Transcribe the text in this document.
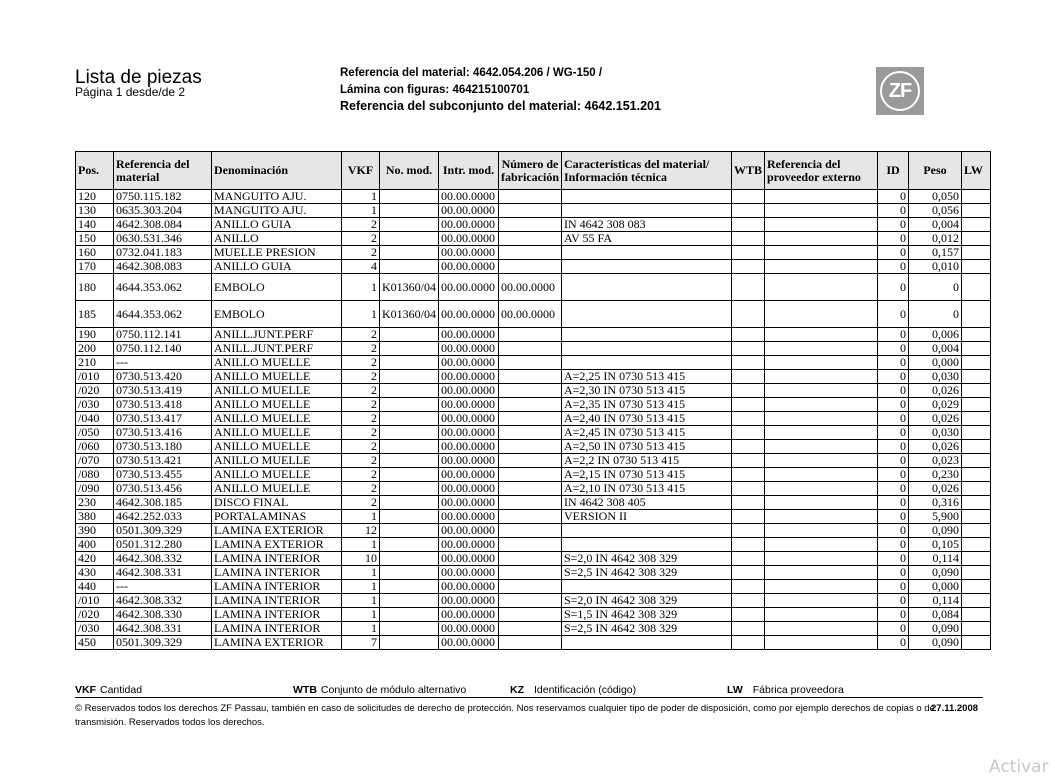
Lista de piezas
Página 1 desde/de 2
Referencia del material: 4642.054.206 / WG-150 /
Lámina con figuras: 464215100701
Referencia del subconjunto del material: 4642.151.201
ZF
Pos.	Referencia del material	Denominación	VKF	No. mod.	Intr. mod.	Número de fabricación	Características del material/ Información técnica	WTB	Referencia del proveedor externo	ID	Peso	LW
120	0750.115.182	MANGUITO AJU.	1		00.00.0000					0	0,050	
130	0635.303.204	MANGUITO AJU.	1		00.00.0000					0	0,056	
140	4642.308.084	ANILLO GUIA	2		00.00.0000		IN 4642 308 083			0	0,004	
150	0630.531.346	ANILLO	2		00.00.0000		AV 55 FA			0	0,012	
160	0732.041.183	MUELLE PRESION	2		00.00.0000					0	0,157	
170	4642.308.083	ANILLO GUIA	4		00.00.0000					0	0,010	
180	4644.353.062	EMBOLO	1	K01360/04	00.00.0000	00.00.0000				0	0	
185	4644.353.062	EMBOLO	1	K01360/04	00.00.0000	00.00.0000				0	0	
190	0750.112.141	ANILL.JUNT.PERF	2		00.00.0000					0	0,006	
200	0750.112.140	ANILL.JUNT.PERF	2		00.00.0000					0	0,004	
210	---	ANILLO MUELLE	2		00.00.0000					0	0,000	
/010	0730.513.420	ANILLO MUELLE	2		00.00.0000		A=2,25 IN 0730 513 415			0	0,030	
/020	0730.513.419	ANILLO MUELLE	2		00.00.0000		A=2,30 IN 0730 513 415			0	0,026	
/030	0730.513.418	ANILLO MUELLE	2		00.00.0000		A=2,35 IN 0730 513 415			0	0,029	
/040	0730.513.417	ANILLO MUELLE	2		00.00.0000		A=2,40 IN 0730 513 415			0	0,026	
/050	0730.513.416	ANILLO MUELLE	2		00.00.0000		A=2,45 IN 0730 513 415			0	0,030	
/060	0730.513.180	ANILLO MUELLE	2		00.00.0000		A=2,50 IN 0730 513 415			0	0,026	
/070	0730.513.421	ANILLO MUELLE	2		00.00.0000		A=2,2 IN 0730 513 415			0	0,023	
/080	0730.513.455	ANILLO MUELLE	2		00.00.0000		A=2,15 IN 0730 513 415			0	0,230	
/090	0730.513.456	ANILLO MUELLE	2		00.00.0000		A=2,10 IN 0730 513 415			0	0,026	
230	4642.308.185	DISCO FINAL	2		00.00.0000		IN 4642 308 405			0	0,316	
380	4642.252.033	PORTALAMINAS	1		00.00.0000		VERSION II			0	5,900	
390	0501.309.329	LAMINA EXTERIOR	12		00.00.0000					0	0,090	
400	0501.312.280	LAMINA EXTERIOR	1		00.00.0000					0	0,105	
420	4642.308.332	LAMINA INTERIOR	10		00.00.0000		S=2,0 IN 4642 308 329			0	0,114	
430	4642.308.331	LAMINA INTERIOR	1		00.00.0000		S=2,5 IN 4642 308 329			0	0,090	
440	---	LAMINA INTERIOR	1		00.00.0000					0	0,000	
/010	4642.308.332	LAMINA INTERIOR	1		00.00.0000		S=2,0 IN 4642 308 329			0	0,114	
/020	4642.308.330	LAMINA INTERIOR	1		00.00.0000		S=1,5 IN 4642 308 329			0	0,084	
/030	4642.308.331	LAMINA INTERIOR	1		00.00.0000		S=2,5 IN 4642 308 329			0	0,090	
450	0501.309.329	LAMINA EXTERIOR	7		00.00.0000					0	0,090	
VKF Cantidad	WTB Conjunto de módulo alternativo	KZ Identificación (código)	LW Fábrica proveedora
© Reservados todos los derechos ZF Passau, también en caso de solicitudes de derecho de protección. Nos reservamos cualquier tipo de poder de disposición, como por ejemplo derechos de copias o de transmisión. Reservados todos los derechos.
27.11.2008
Activar
